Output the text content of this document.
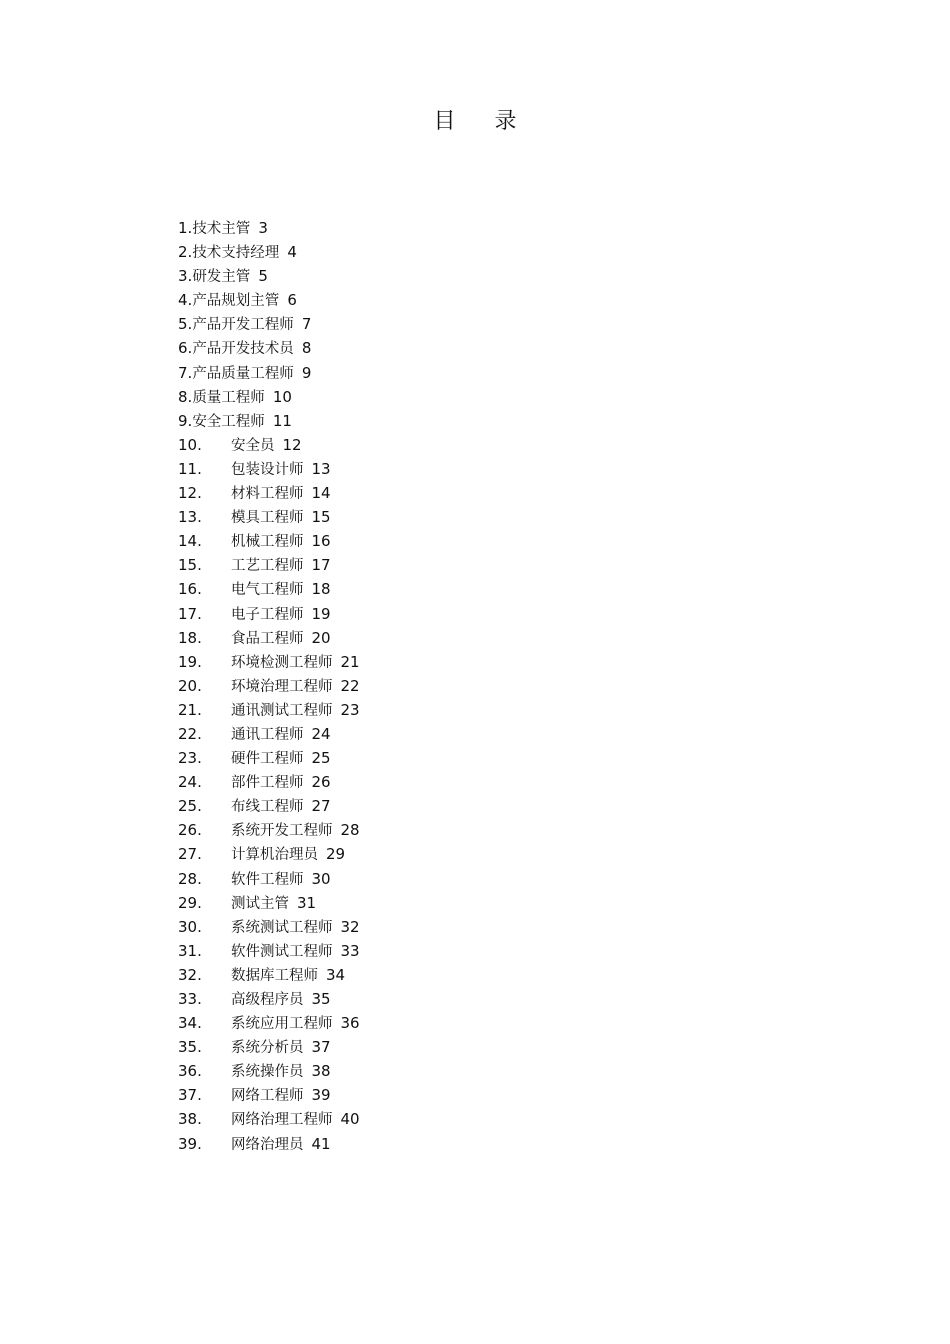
目 录
1. 技术主管 3
2. 技术支持经理 4
3. 研发主管 5
4. 产品规划主管 6
5. 产品开发工程师 7
6. 产品开发技术员 8
7. 产品质量工程师 9
8. 质量工程师 10
9. 安全工程师 11
10.	安全员 12
11.	包装设计师 13
12.	材料工程师 14
13.	模具工程师 15
14.	机械工程师 16
15.	工艺工程师 17
16.	电气工程师 18
17.	电子工程师 19
18.	食品工程师 20
19.	环境检测工程师 21
20.	环境治理工程师 22
21.	通讯测试工程师 23
22.	通讯工程师 24
23.	硬件工程师 25
24.	部件工程师 26
25.	布线工程师 27
26.	系统开发工程师 28
27.	计算机治理员 29
28.	软件工程师 30
29.	测试主管 31
30.	系统测试工程师 32
31.	软件测试工程师 33
32.	数据库工程师 34
33.	高级程序员 35
34.	系统应用工程师 36
35.	系统分析员 37
36.	系统操作员 38
37.	网络工程师 39
38.	网络治理工程师 40
39.	网络治理员 41
